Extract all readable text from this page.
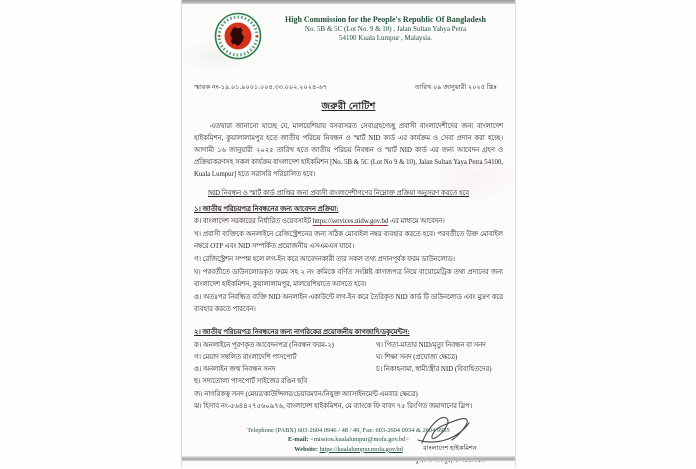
High Commission for the People's Republic Of Bangladesh
No. 5B & 5C (Lot No. 9 & 10) , Jalan Sultan Yahya Petra
54100 Kuala Lumpur , Malaysia.
স্মারক নং-১৯.০১.৯০০১.০০৪.৩৩.০০২.২০২৪-৬৭	তারিখ ০৯ জানুয়ারী ২০২৫ খ্রিঃ
জরুরী নোটিশ
এতদ্বারা জানানো যাচ্ছে যে, মালয়েশিয়ায় বসবাসরত সেবাগ্রহণেচ্ছু প্রবাসী বাংলাদেশীদের জন্য বাংলাদেশ হাইকমিশন, কুয়ালালামপুর হতে জাতীয় পরিচয় নিবন্ধন ও স্মার্ট NID কার্ড এর কার্যক্রম ও সেবা প্রদান করা হচ্ছে। আগামী ১৬ জানুয়ারী ২০২৫ তারিখ হতে জাতীয় পরিচয় নিবন্ধন ও স্মার্ট NID কার্ড এর জন্য আবেদন গ্রহণ ও প্রক্রিয়াকরণসহ সকল কার্যক্রম বাংলাদেশ হাইকমিশন [No. 5B & 5C (Lot No 9 & 10), Jalan Sultan Yaya Petra 54100, Kuala Lumpur] হতে সরাসরি পরিচালিত হবে।
NID নিবন্ধন ও স্মার্ট কার্ড প্রাপ্তির জন্য প্রবাসী বাংলাদেশীগণের নিম্নোক্ত প্রক্রিয়া অনুসরণ করতে হবে
১। জাতীয় পরিচয়পত্র নিবন্ধনের জন্য আবেদন প্রক্রিয়া:
ক। বাংলাদেশ সরকারের নির্ধারিত ওয়েবসাইট https://services.nidw.gov.bd এর মাধ্যমে আবেদন।
খ। প্রবাসী ব্যক্তিকে অনলাইনে রেজিস্ট্রেশনের জন্য সঠিক মোবাইল নম্বর ব্যবহার করতে হবে। পরবর্তীতে উক্ত মোবাইল নম্বরে OTP এবং NID সম্পর্কিত প্রয়োজনীয় এসএমএস যাবে।
গ। রেজিস্ট্রেশন সম্পন্ন হলে লগ-ইন করে আবেদনকারী তার সকল তথ্য প্রদানপূর্বক ফরম ডাউনলোড।
ঘ। পরবর্তীতে ডাউনলোডকৃত ফরম সহ ২ নং ক্রমিকে বর্ণিত সংশ্লিষ্ট কাগজপত্র নিয়ে বায়োমেট্রিক তথ্য প্রদানের জন্য বাংলাদেশ হাইকমিশন, কুয়ালালামপুর, মালয়েশিয়াতে আসতে হবে।
ঙ। অতঃপর নিবন্ধিত ব্যক্তি NID অনলাইন একাউন্টে লগ-ইন করে তৈরিকৃত NID কার্ড টি ডাউনলোড এবং মুদ্রণ করে ব্যবহার করতে পারবেন।
২। জাতীয় পরিচয়পত্র নিবন্ধনের জন্য নাগরিকের প্রয়োজনীয় কাগজাদি/ডকুমেন্টস:
ক। অনলাইনে পূরণকৃত আবেদনপত্র (নিবন্ধন ফরম-২)	খ। পিতা-মাতার NID/মৃত্যু নিবন্ধন বা সনদ
গ। মেয়াদ সম্বলিত বাংলাদেশি পাসপোর্ট	ঘ। শিক্ষা সনদ (প্রযোজ্য ক্ষেত্রে)
ঙ। অনলাইন জন্ম নিবন্ধন সনদ	চ। নিকাহনামা, স্বামী/স্ত্রীর NID (বিবাহিতদের)
ছ। সদ্যতোলা পাসপোর্ট সাইজের রঙিন ছবি
জ। নাগরিকত্ব সনদ (মেয়র/কাউন্সিলর/চেয়ারম্যান/নিযুক্ত অ্যাসাইনমেন্ট এমবার ক্ষেত্রে)
ঝ। হিসাব নং-৫৬৪৪২৭৫৬০৯৭৬, বাংলাদেশ হাইকমিশন, মে ব্যাংকে ফি বাবদ ৭৫ রিংগিত জমাদানের স্লিপ।
বাংলাদেশ হাইকমিশন
Telephone (PABX) 603-2604 0946 / 48 / 49, Fax: 603-2604 0934 & 2604 0935
E-mail: <mission.kualalumpur@mofa.gov.bd>
Website: https://kualalumpur.mofa.gov.bd
